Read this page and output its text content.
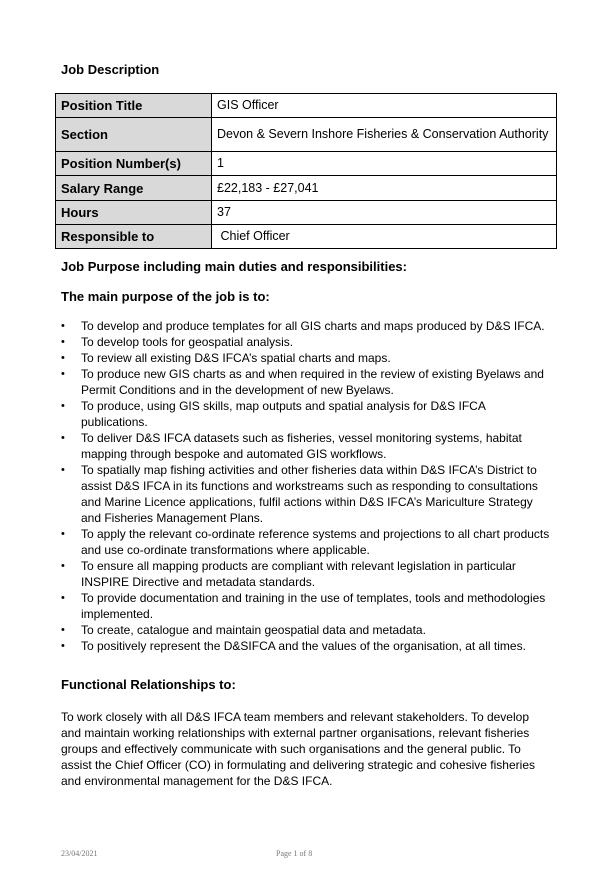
Job Description
Position Title	GIS Officer
Section	Devon & Severn Inshore Fisheries & Conservation Authority
Position Number(s)	1
Salary Range	£22,183 - £27,041
Hours	37
Responsible to	Chief Officer
Job Purpose including main duties and responsibilities:
The main purpose of the job is to:
•	To develop and produce templates for all GIS charts and maps produced by D&S IFCA.
•	To develop tools for geospatial analysis.
•	To review all existing D&S IFCA’s spatial charts and maps.
•	To produce new GIS charts as and when required in the review of existing Byelaws and Permit Conditions and in the development of new Byelaws.
•	To produce, using GIS skills, map outputs and spatial analysis for D&S IFCA publications.
•	To deliver D&S IFCA datasets such as fisheries, vessel monitoring systems, habitat mapping through bespoke and automated GIS workflows.
•	To spatially map fishing activities and other fisheries data within D&S IFCA’s District to assist D&S IFCA in its functions and workstreams such as responding to consultations and Marine Licence applications, fulfil actions within D&S IFCA’s Mariculture Strategy and Fisheries Management Plans.
•	To apply the relevant co-ordinate reference systems and projections to all chart products and use co-ordinate transformations where applicable.
•	To ensure all mapping products are compliant with relevant legislation in particular INSPIRE Directive and metadata standards.
•	To provide documentation and training in the use of templates, tools and methodologies implemented.
•	To create, catalogue and maintain geospatial data and metadata.
•	To positively represent the D&SIFCA and the values of the organisation, at all times.
Functional Relationships to:

To work closely with all D&S IFCA team members and relevant stakeholders. To develop and maintain working relationships with external partner organisations, relevant fisheries groups and effectively communicate with such organisations and the general public. To assist the Chief Officer (CO) in formulating and delivering strategic and cohesive fisheries and environmental management for the D&S IFCA.

23/04/2021	Page 1 of 8
